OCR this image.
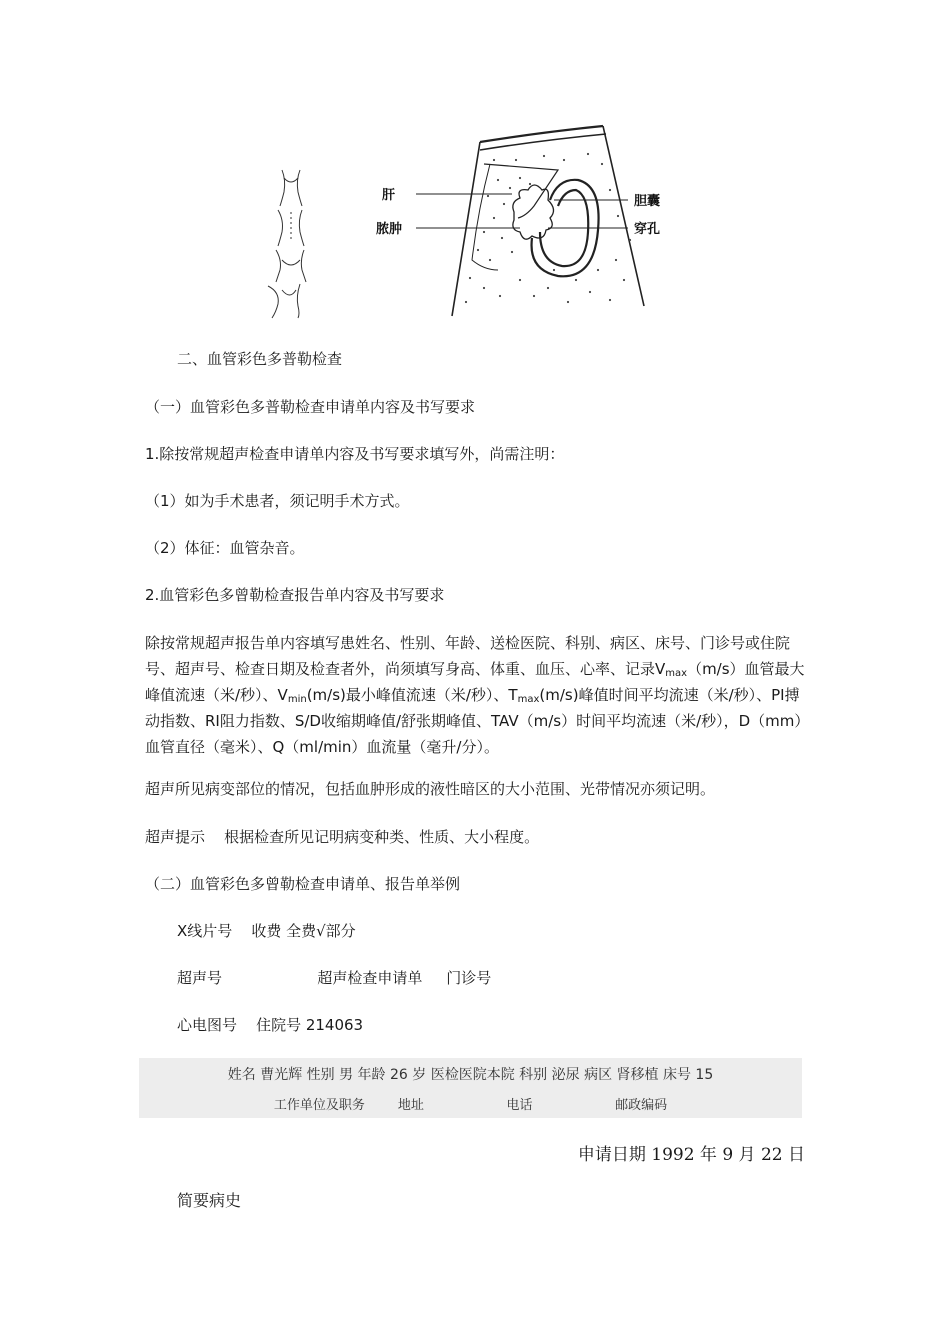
肝
脓肿
胆囊
穿孔
二、血管彩色多普勒检查
（一）血管彩色多普勒检查申请单内容及书写要求
1.除按常规超声检查申请单内容及书写要求填写外，尚需注明：
（1）如为手术患者，须记明手术方式。
（2）体征：血管杂音。
2.血管彩色多曾勒检查报告单内容及书写要求
除按常规超声报告单内容填写患姓名、性别、年龄、送检医院、科别、病区、床号、门诊号或住院号、超声号、检查日期及检查者外，尚须填写身高、体重、血压、心率、记录$V_{max}(m/s)$血管最大峰值流速（米/秒）、$V_{min}(m/s)$最小峰值流速（米/秒）、$T_{max}(m/s)$峰值时间平均流速（米/秒）、PI搏动指数、RI阻力指数、S/D收缩期峰值/舒张期峰值、TAV（m/s）时间平均流速（米/秒），D（mm）血管直径（毫米）、Q（ml/min）血流量（毫升/分）。
超声所见病变部位的情况，包括血肿形成的液性暗区的大小范围、光带情况亦须记明。
超声提示    根据检查所见记明病变种类、性质、大小程度。
（二）血管彩色多曾勒检查申请单、报告单举例
X线片号    收费 全费√部分
超声号                    超声检查申请单     门诊号
心电图号    住院号 214063
姓名 曹光辉 性别 男 年龄 26 岁 医检医院本院 科别 泌尿 病区 肾移植 床号 15
工作单位及职务        地址                    电话                    邮政编码
申请日期 1992 年 9 月 22 日
简要病史
